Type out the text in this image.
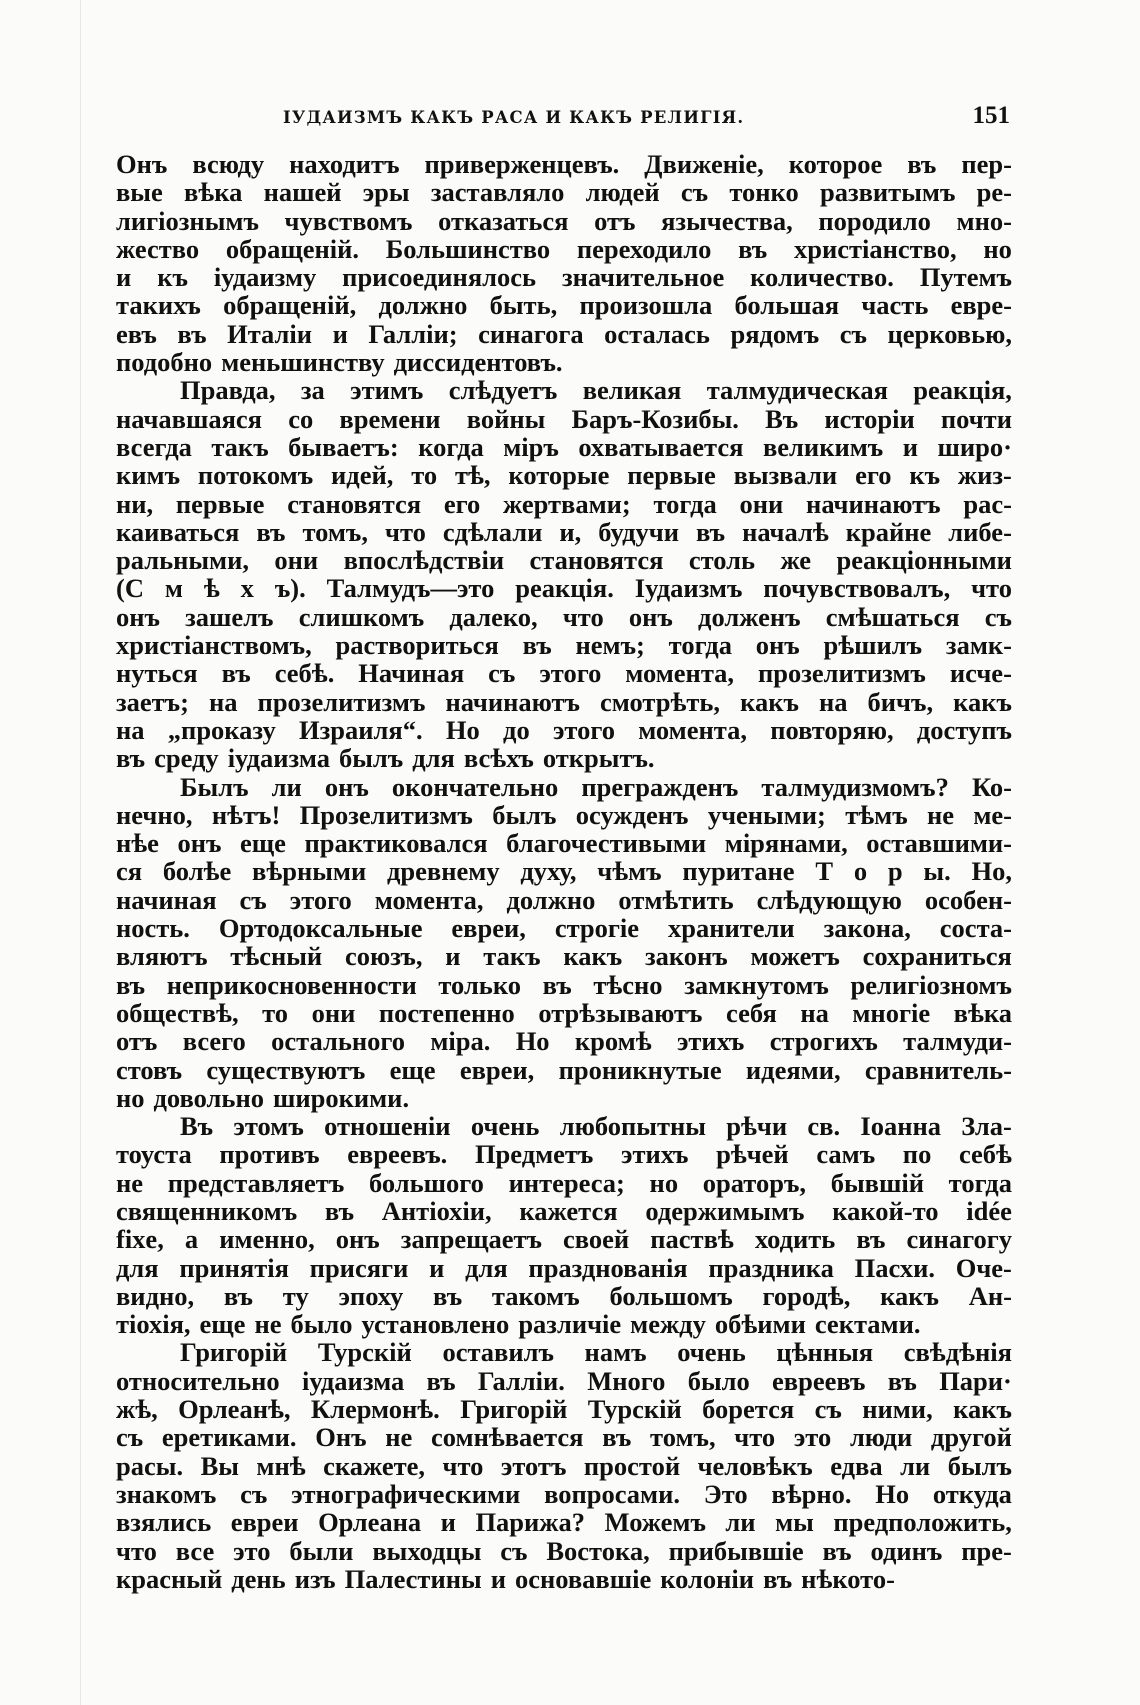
IУДАИЗМЪ КАКЪ РАСА И КАКЪ РЕЛИГIЯ.	151
Онъ всюду находитъ приверженцевъ. Движенiе, которое въ пер-
вые вѣка нашей эры заставляло людей съ тонко развитымъ ре-
лигiознымъ чувствомъ отказаться отъ язычества, породило мно-
жество обращенiй. Большинство переходило въ христiанство, но
и къ iудаизму присоединялось значительное количество. Путемъ
такихъ обращенiй, должно быть, произошла большая часть евре-
евъ въ Италiи и Галлiи; синагога осталась рядомъ съ церковью,
подобно меньшинству диссидентовъ.
Правда, за этимъ слѣдуетъ великая талмудическая реакцiя,
начавшаяся со времени войны Баръ-Козибы. Въ исторiи почти
всегда такъ бываетъ: когда мiръ охватывается великимъ и широ·
кимъ потокомъ идей, то тѣ, которые первые вызвали его къ жиз-
ни, первые становятся его жертвами; тогда они начинаютъ рас-
каиваться въ томъ, что сдѣлали и, будучи въ началѣ крайне либе-
ральными, они впослѣдствiи становятся столь же реакцiонными
(С м ѣ х ъ). Талмудъ—это реакцiя. Iудаизмъ почувствовалъ, что
онъ зашелъ слишкомъ далеко, что онъ долженъ смѣшаться съ
христiанствомъ, раствориться въ немъ; тогда онъ рѣшилъ замк-
нуться въ себѣ. Начиная съ этого момента, прозелитизмъ исче-
заетъ; на прозелитизмъ начинаютъ смотрѣть, какъ на бичъ, какъ
на „проказу Израиля“. Но до этого момента, повторяю, доступъ
въ среду iудаизма былъ для всѣхъ открытъ.
Былъ ли онъ окончательно прегражденъ талмудизмомъ? Ко-
нечно, нѣтъ! Прозелитизмъ былъ осужденъ учеными; тѣмъ не ме-
нѣе онъ еще практиковался благочестивыми мiрянами, оставшими-
ся болѣе вѣрными древнему духу, чѣмъ пуритане Т о р ы. Но,
начиная съ этого момента, должно отмѣтить слѣдующую особен-
ность. Ортодоксальные евреи, строгiе хранители закона, соста-
вляютъ тѣсный союзъ, и такъ какъ законъ можетъ сохраниться
въ неприкосновенности только въ тѣсно замкнутомъ религiозномъ
обществѣ, то они постепенно отрѣзываютъ себя на многiе вѣка
отъ всего остального мiра. Но кромѣ этихъ строгихъ талмуди-
стовъ существуютъ еще евреи, проникнутые идеями, сравнитель-
но довольно широкими.
Въ этомъ отношенiи очень любопытны рѣчи св. Iоанна Зла-
тоуста противъ евреевъ. Предметъ этихъ рѣчей самъ по себѣ
не представляетъ большого интереса; но ораторъ, бывшiй тогда
священникомъ въ Антiохiи, кажется одержимымъ какой-то idée
fixe, а именно, онъ запрещаетъ своей паствѣ ходить въ синагогу
для принятiя присяги и для празднованiя праздника Пасхи. Оче-
видно, въ ту эпоху въ такомъ большомъ городѣ, какъ Ан-
тiохiя, еще не было установлено различiе между обѣими сектами.
Григорiй Турскiй оставилъ намъ очень цѣнныя свѣдѣнiя
относительно iудаизма въ Галлiи. Много было евреевъ въ Пари·
жѣ, Орлеанѣ, Клермонѣ. Григорiй Турскiй борется съ ними, какъ
съ еретиками. Онъ не сомнѣвается въ томъ, что это люди другой
расы. Вы мнѣ скажете, что этотъ простой человѣкъ едва ли былъ
знакомъ съ этнографическими вопросами. Это вѣрно. Но откуда
взялись евреи Орлеана и Парижа? Можемъ ли мы предположить,
что все это были выходцы съ Востока, прибывшiе въ одинъ пре-
красный день изъ Палестины и основавшiе колонiи въ нѣкото-
